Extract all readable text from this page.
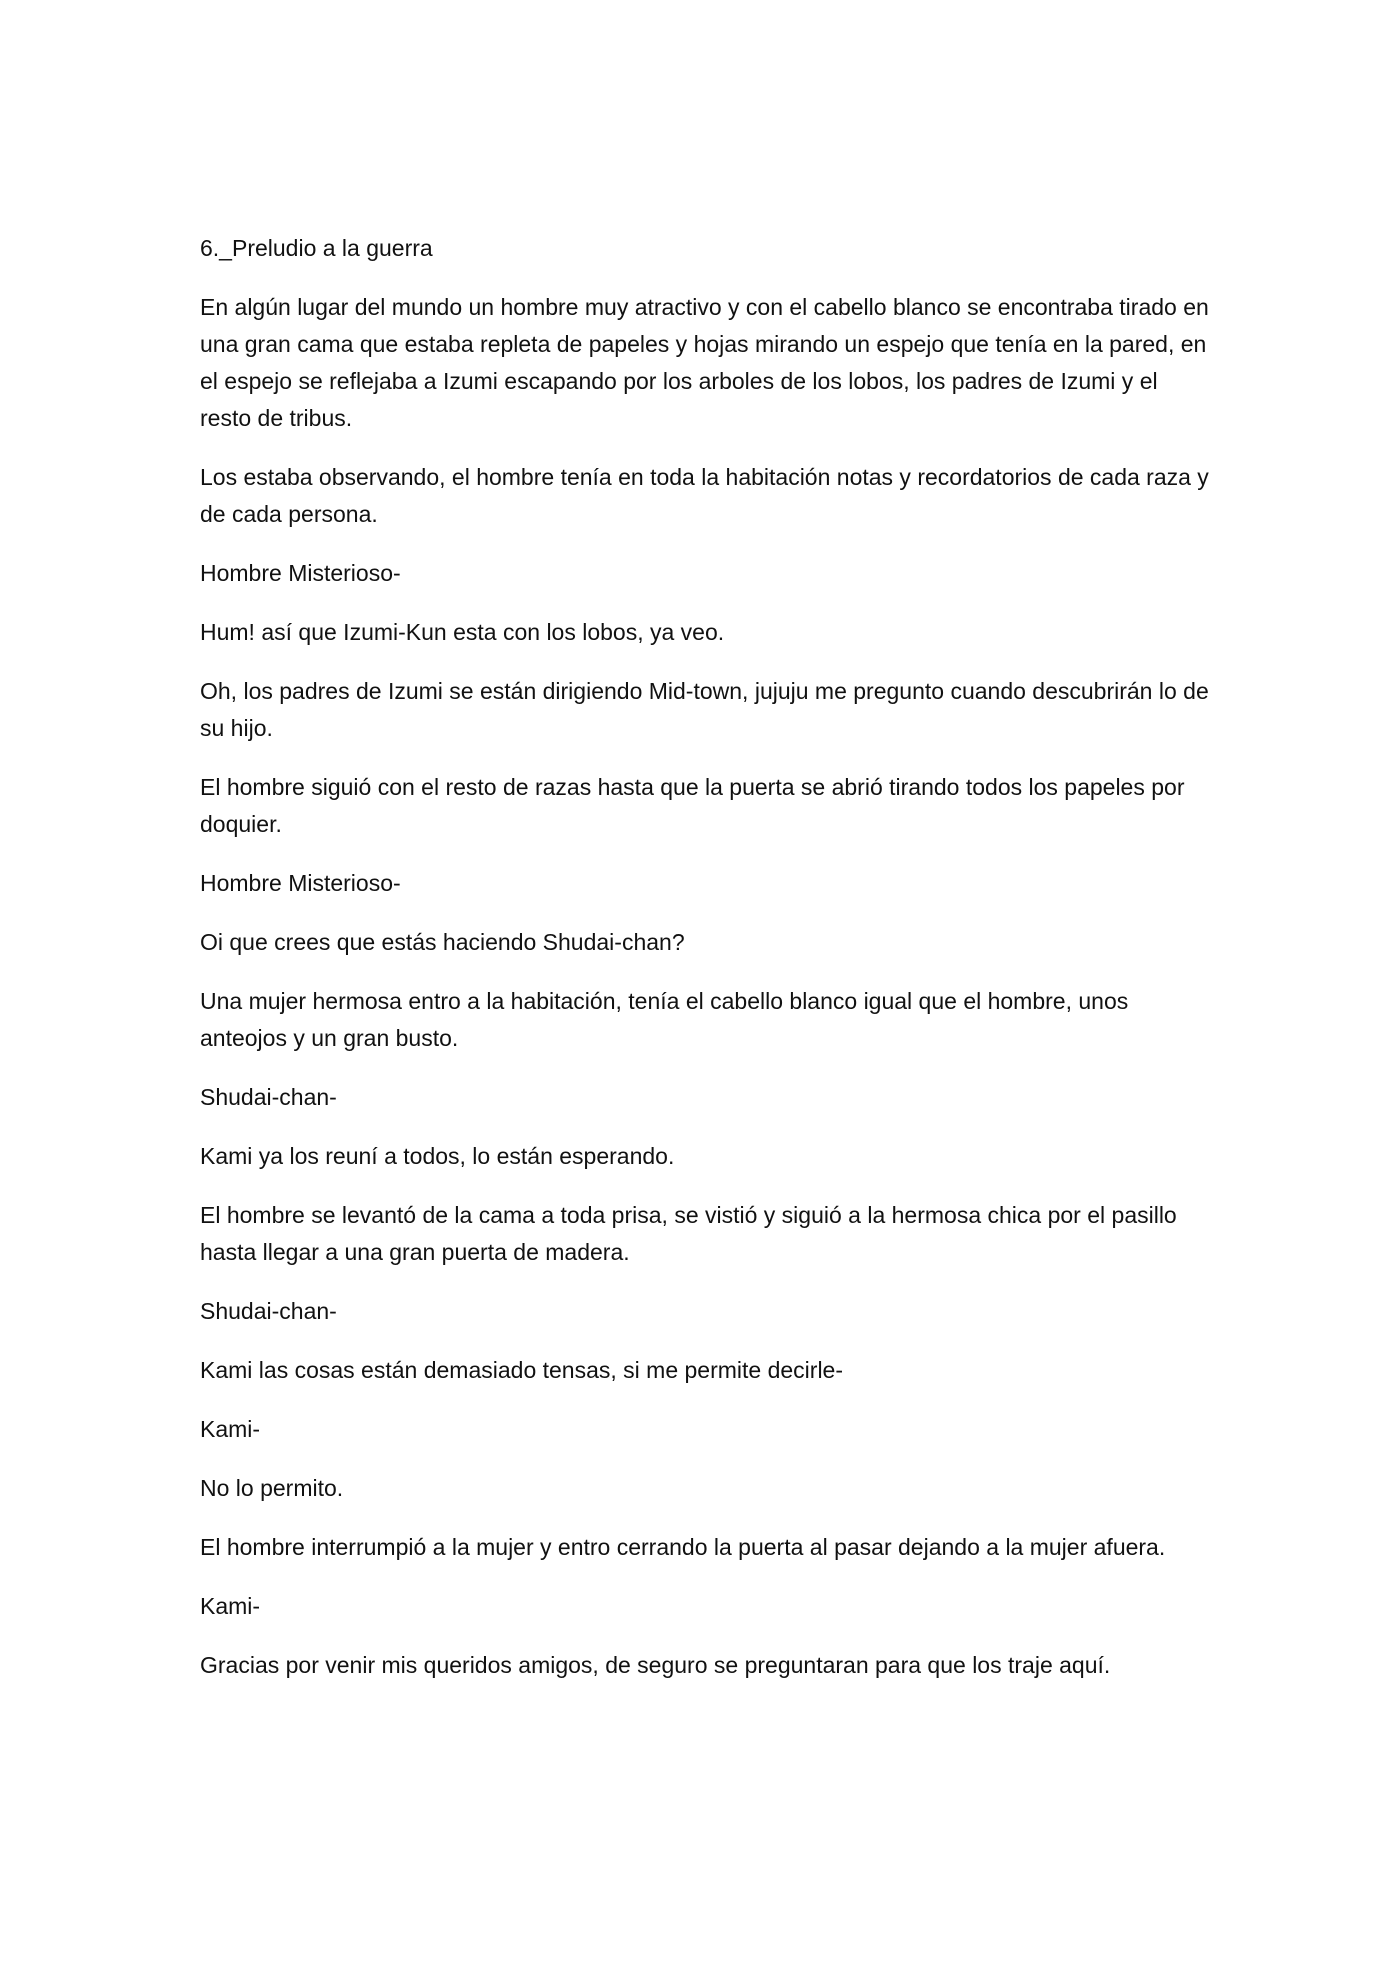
6._Preludio a la guerra

En algún lugar del mundo un hombre muy atractivo y con el cabello blanco se encontraba tirado en una gran cama que estaba repleta de papeles y hojas mirando un espejo que tenía en la pared, en el espejo se reflejaba a Izumi escapando por los arboles de los lobos, los padres de Izumi y el resto de tribus.

Los estaba observando, el hombre tenía en toda la habitación notas y recordatorios de cada raza y de cada persona.

Hombre Misterioso-

Hum! así que Izumi-Kun esta con los lobos, ya veo.

Oh, los padres de Izumi se están dirigiendo Mid-town, jujuju me pregunto cuando descubrirán lo de su hijo.

El hombre siguió con el resto de razas hasta que la puerta se abrió tirando todos los papeles por doquier.

Hombre Misterioso-

Oi que crees que estás haciendo Shudai-chan?

Una mujer hermosa entro a la habitación, tenía el cabello blanco igual que el hombre, unos anteojos y un gran busto.

Shudai-chan-

Kami ya los reuní a todos, lo están esperando.

El hombre se levantó de la cama a toda prisa, se vistió y siguió a la hermosa chica por el pasillo hasta llegar a una gran puerta de madera.

Shudai-chan-

Kami las cosas están demasiado tensas, si me permite decirle-

Kami-

No lo permito.

El hombre interrumpió a la mujer y entro cerrando la puerta al pasar dejando a la mujer afuera.

Kami-

Gracias por venir mis queridos amigos, de seguro se preguntaran para que los traje aquí.
